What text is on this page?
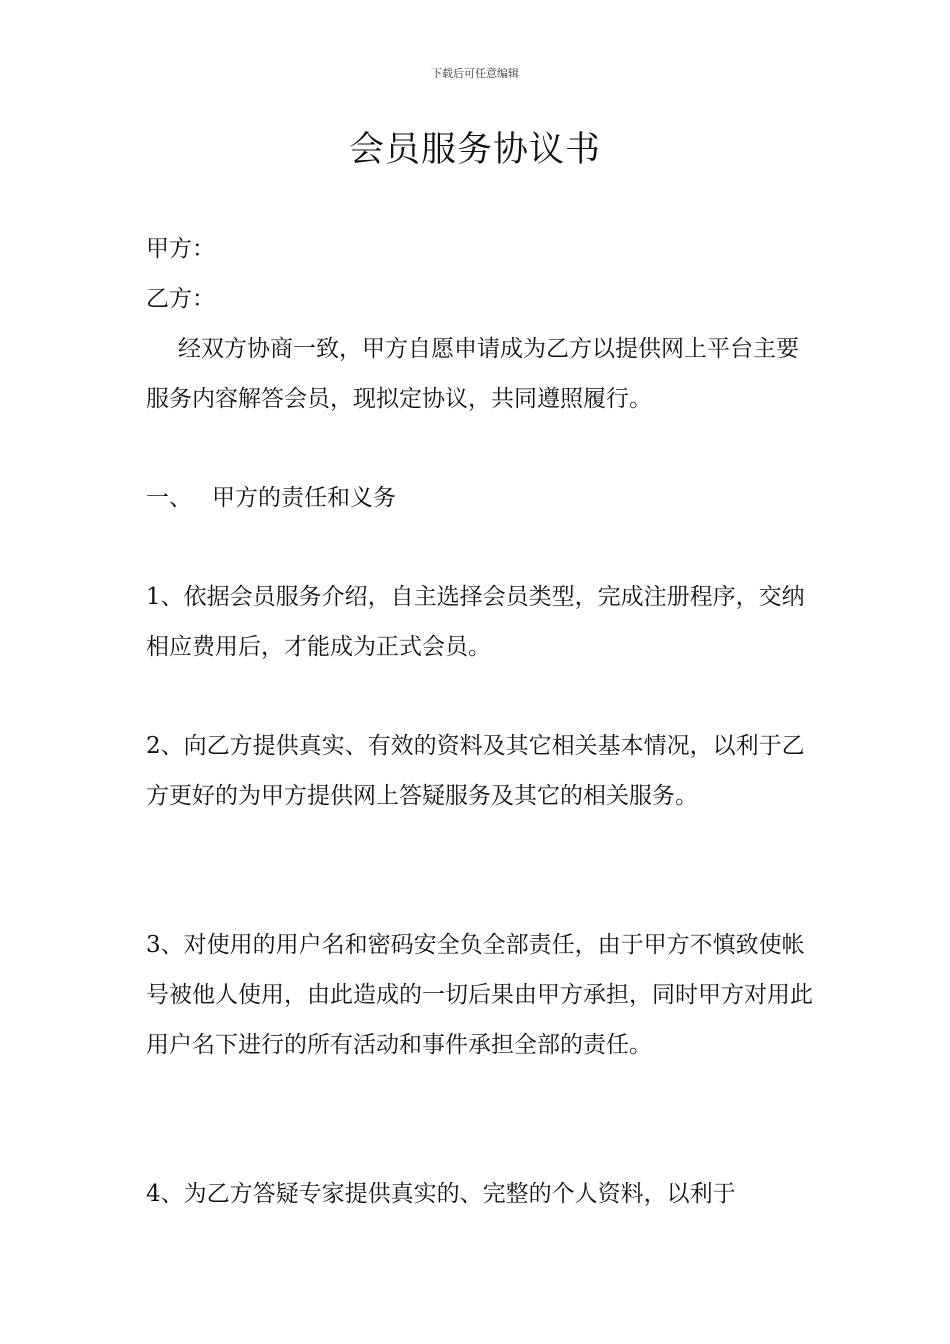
下载后可任意编辑
会员服务协议书

甲方：

乙方：

经双方协商一致，甲方自愿申请成为乙方以提供网上平台主要服务内容解答会员，现拟定协议，共同遵照履行。

一、 甲方的责任和义务

1、依据会员服务介绍，自主选择会员类型，完成注册程序，交纳相应费用后，才能成为正式会员。

2、向乙方提供真实、有效的资料及其它相关基本情况，以利于乙方更好的为甲方提供网上答疑服务及其它的相关服务。

3、对使用的用户名和密码安全负全部责任，由于甲方不慎致使帐号被他人使用，由此造成的一切后果由甲方承担，同时甲方对用此用户名下进行的所有活动和事件承担全部的责任。

4、为乙方答疑专家提供真实的、完整的个人资料，以利于
